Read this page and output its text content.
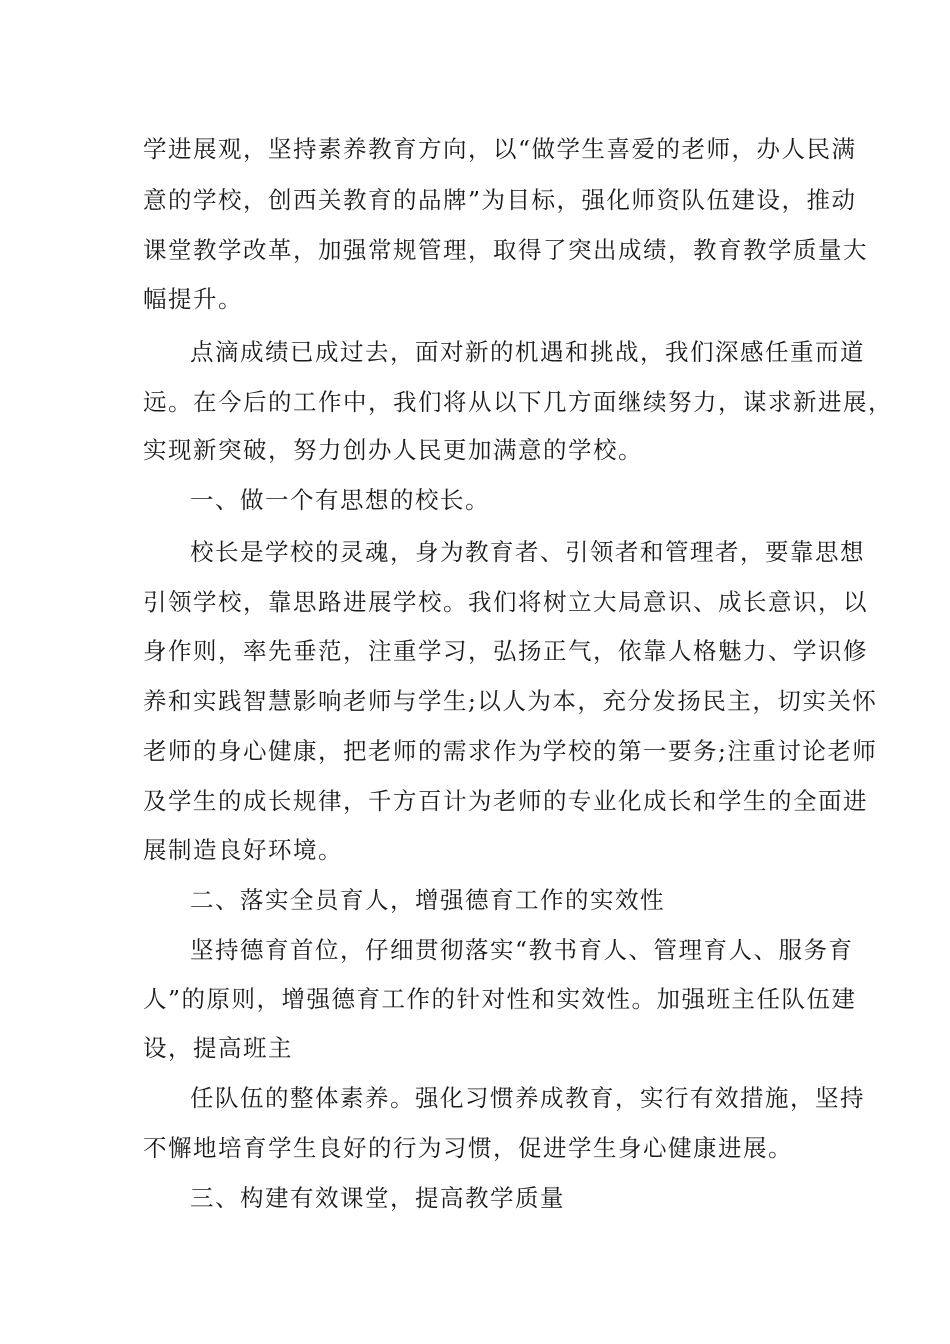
学进展观，坚持素养教育方向，以“做学生喜爱的老师，办人民满
意的学校，创西关教育的品牌”为目标，强化师资队伍建设，推动
课堂教学改革，加强常规管理，取得了突出成绩，教育教学质量大
幅提升。
点滴成绩已成过去，面对新的机遇和挑战，我们深感任重而道
远。在今后的工作中，我们将从以下几方面继续努力，谋求新进展，
实现新突破，努力创办人民更加满意的学校。
一、做一个有思想的校长。
校长是学校的灵魂，身为教育者、引领者和管理者，要靠思想
引领学校，靠思路进展学校。我们将树立大局意识、成长意识，以
身作则，率先垂范，注重学习，弘扬正气，依靠人格魅力、学识修
养和实践智慧影响老师与学生;以人为本，充分发扬民主，切实关怀
老师的身心健康，把老师的需求作为学校的第一要务;注重讨论老师
及学生的成长规律，千方百计为老师的专业化成长和学生的全面进
展制造良好环境。
二、落实全员育人，增强德育工作的实效性
坚持德育首位，仔细贯彻落实“教书育人、管理育人、服务育
人”的原则，增强德育工作的针对性和实效性。加强班主任队伍建
设，提高班主
任队伍的整体素养。强化习惯养成教育，实行有效措施，坚持
不懈地培育学生良好的行为习惯，促进学生身心健康进展。
三、构建有效课堂，提高教学质量
